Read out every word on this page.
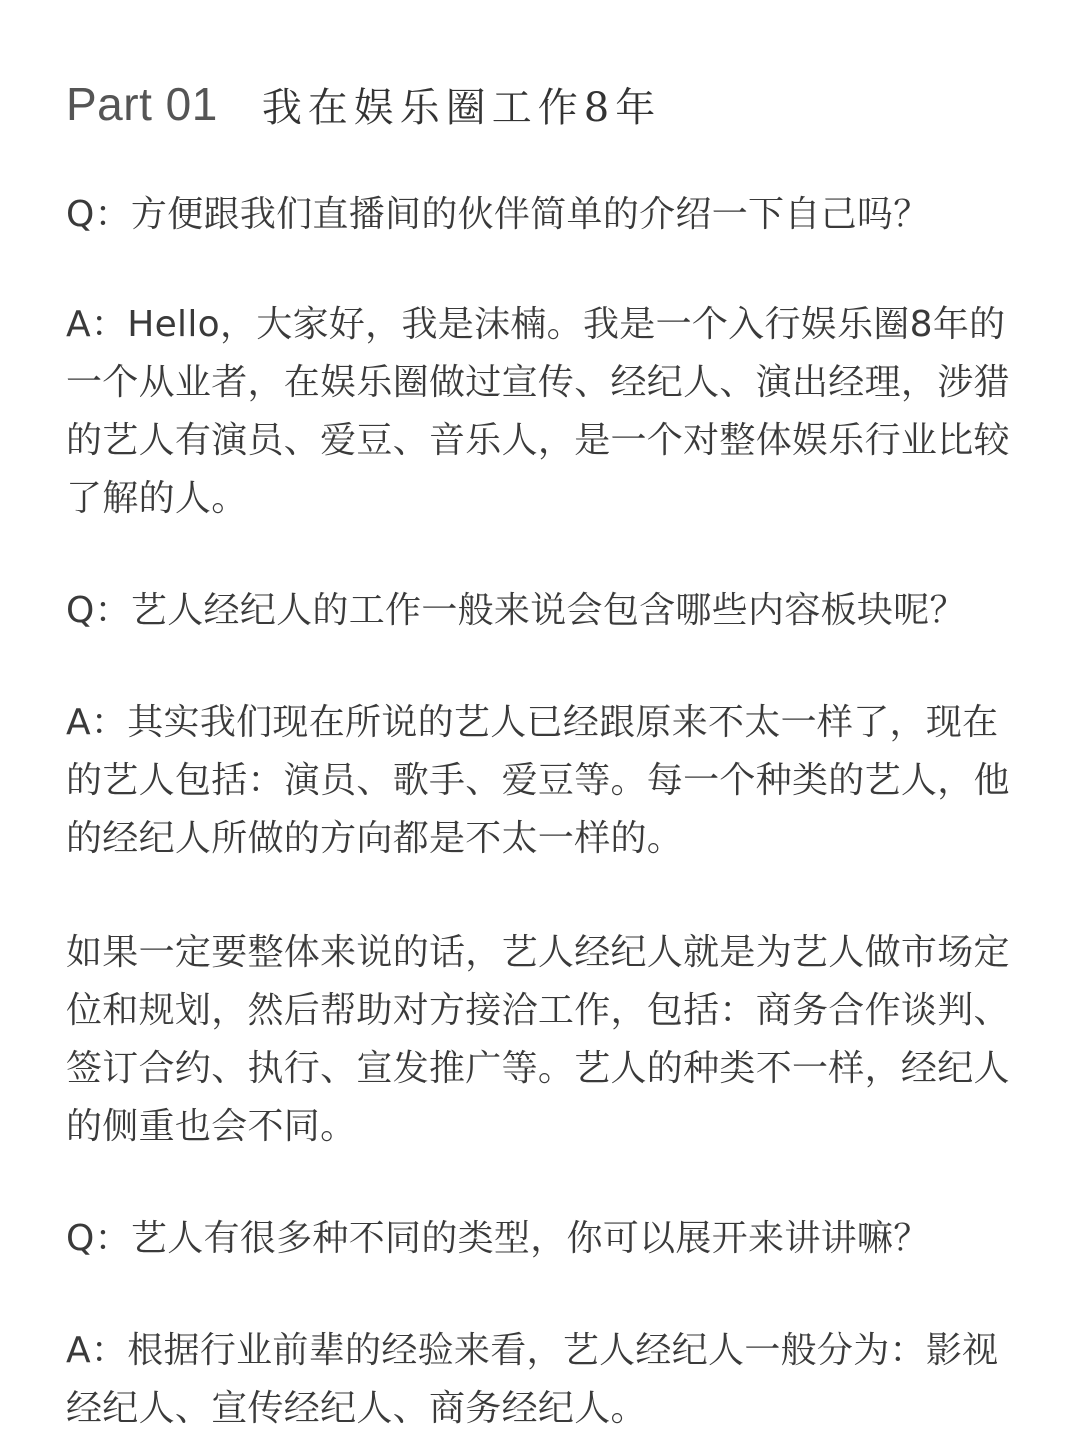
Part 01 我在娱乐圈工作8年

Q：方便跟我们直播间的伙伴简单的介绍一下自己吗？

A：Hello，大家好，我是沫楠。我是一个入行娱乐圈8年的一个从业者，在娱乐圈做过宣传、经纪人、演出经理，涉猎的艺人有演员、爱豆、音乐人，是一个对整体娱乐行业比较了解的人。

Q：艺人经纪人的工作一般来说会包含哪些内容板块呢？

A：其实我们现在所说的艺人已经跟原来不太一样了，现在的艺人包括：演员、歌手、爱豆等。每一个种类的艺人，他的经纪人所做的方向都是不太一样的。

如果一定要整体来说的话，艺人经纪人就是为艺人做市场定位和规划，然后帮助对方接洽工作，包括：商务合作谈判、签订合约、执行、宣发推广等。艺人的种类不一样，经纪人的侧重也会不同。

Q：艺人有很多种不同的类型，你可以展开来讲讲嘛？

A：根据行业前辈的经验来看，艺人经纪人一般分为：影视经纪人、宣传经纪人、商务经纪人。
